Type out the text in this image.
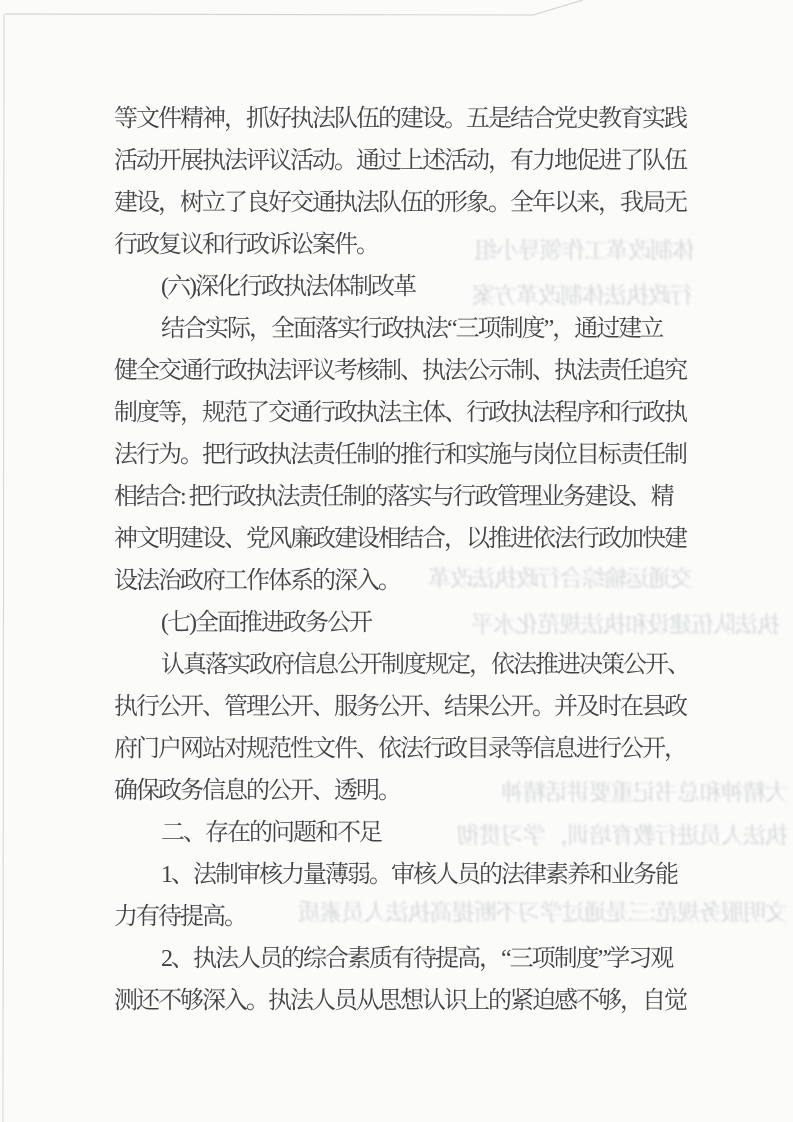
体制改革工作领导小组
行政执法体制改革方案
交通运输综合行政执法改革
执法队伍建设和执法规范化水平
大精神和总书记重要讲话精神
执法人员进行教育培训，学习贯彻
文明服务规范:三是通过学习不断提高执法人员素质
等文件精神，抓好执法队伍的建设。五是结合党史教育实践
活动开展执法评议活动。通过上述活动，有力地促进了队伍
建设，树立了良好交通执法队伍的形象。全年以来，我局无
行政复议和行政诉讼案件。
(六)深化行政执法体制改革
结合实际，全面落实行政执法“三项制度”，通过建立
健全交通行政执法评议考核制、执法公示制、执法责任追究
制度等，规范了交通行政执法主体、行政执法程序和行政执
法行为。把行政执法责任制的推行和实施与岗位目标责任制
相结合: 把行政执法责任制的落实与行政管理业务建设、精
神文明建设、党风廉政建设相结合，以推进依法行政加快建
设法治政府工作体系的深入。
(七)全面推进政务公开
认真落实政府信息公开制度规定，依法推进决策公开、
执行公开、管理公开、服务公开、结果公开。并及时在县政
府门户网站对规范性文件、依法行政目录等信息进行公开，
确保政务信息的公开、透明。
二、存在的问题和不足
1、法制审核力量薄弱。审核人员的法律素养和业务能
力有待提高。
2、执法人员的综合素质有待提高，“三项制度”学习观
测还不够深入。执法人员从思想认识上的紧迫感不够，自觉
